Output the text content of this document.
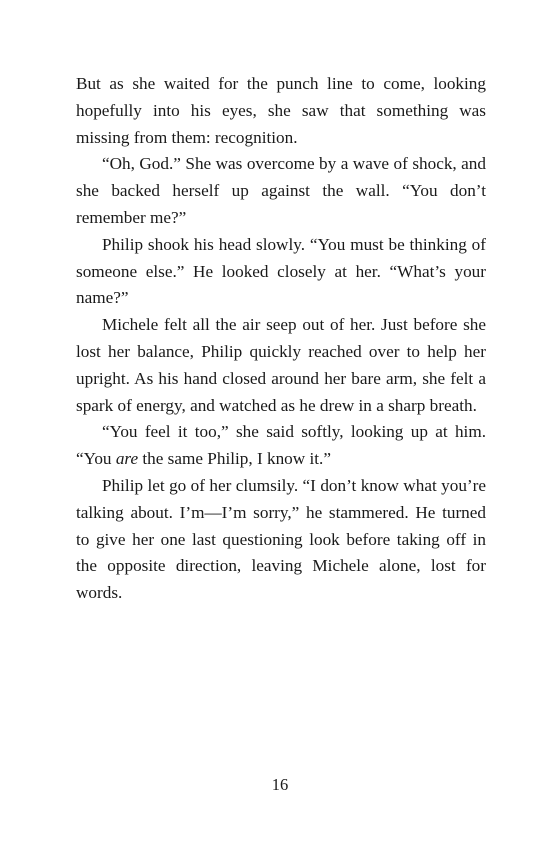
But as she waited for the punch line to come, looking hopefully into his eyes, she saw that something was missing from them: recognition.

“Oh, God.” She was overcome by a wave of shock, and she backed herself up against the wall. “You don’t remember me?”

Philip shook his head slowly. “You must be thinking of someone else.” He looked closely at her. “What’s your name?”

Michele felt all the air seep out of her. Just before she lost her balance, Philip quickly reached over to help her upright. As his hand closed around her bare arm, she felt a spark of energy, and watched as he drew in a sharp breath.

“You feel it too,” she said softly, looking up at him. “You are the same Philip, I know it.”

Philip let go of her clumsily. “I don’t know what you’re talking about. I’m—I’m sorry,” he stammered. He turned to give her one last questioning look before taking off in the opposite direction, leaving Michele alone, lost for words.

16
